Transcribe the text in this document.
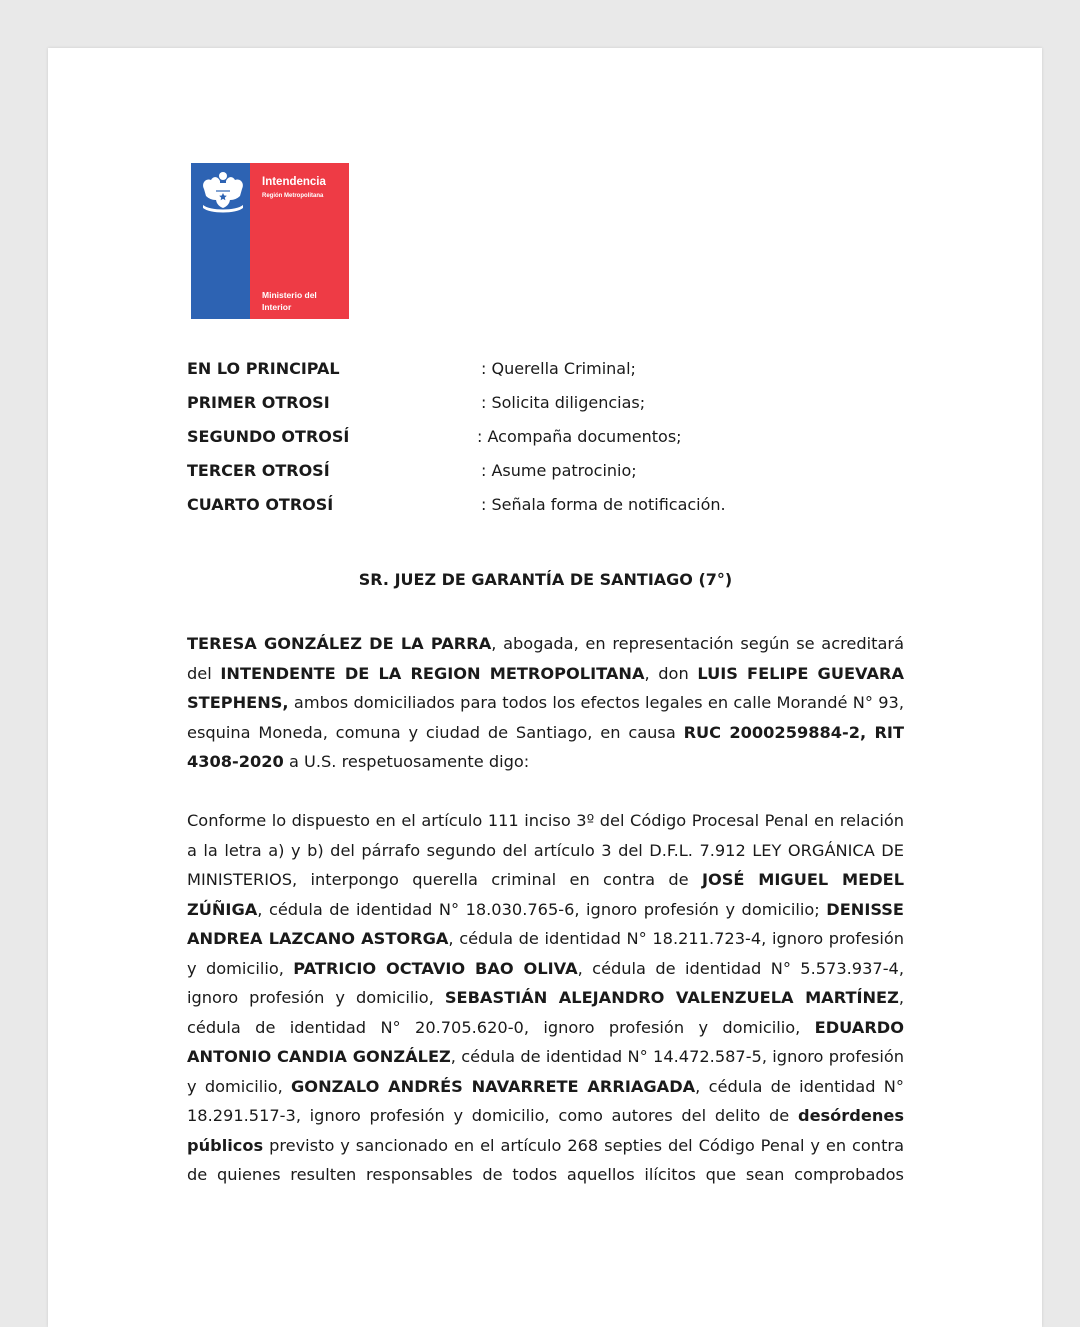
Intendencia
Región Metropolitana
Ministerio del
Interior
EN LO PRINCIPAL	: Querella Criminal;
PRIMER OTROSI	: Solicita diligencias;
SEGUNDO OTROSÍ	: Acompaña documentos;
TERCER OTROSÍ	: Asume patrocinio;
CUARTO OTROSÍ	: Señala forma de notificación.
SR. JUEZ DE GARANTÍA DE SANTIAGO (7°)
TERESA GONZÁLEZ DE LA PARRA, abogada, en representación según se acreditará
del INTENDENTE DE LA REGION METROPOLITANA, don LUIS FELIPE GUEVARA
STEPHENS, ambos domiciliados para todos los efectos legales en calle Morandé N° 93,
esquina Moneda, comuna y ciudad de Santiago, en causa RUC 2000259884-2, RIT
4308-2020 a U.S. respetuosamente digo:
Conforme lo dispuesto en el artículo 111 inciso 3º del Código Procesal Penal en relación
a la letra a) y b) del párrafo segundo del artículo 3 del D.F.L. 7.912 LEY ORGÁNICA DE
MINISTERIOS, interpongo querella criminal en contra de JOSÉ MIGUEL MEDEL
ZÚÑIGA, cédula de identidad N° 18.030.765-6, ignoro profesión y domicilio; DENISSE
ANDREA LAZCANO ASTORGA, cédula de identidad N° 18.211.723-4, ignoro profesión
y domicilio, PATRICIO OCTAVIO BAO OLIVA, cédula de identidad N° 5.573.937-4,
ignoro profesión y domicilio, SEBASTIÁN ALEJANDRO VALENZUELA MARTÍNEZ,
cédula de identidad N° 20.705.620-0, ignoro profesión y domicilio, EDUARDO
ANTONIO CANDIA GONZÁLEZ, cédula de identidad N° 14.472.587-5, ignoro profesión
y domicilio, GONZALO ANDRÉS NAVARRETE ARRIAGADA, cédula de identidad N°
18.291.517-3, ignoro profesión y domicilio, como autores del delito de desórdenes
públicos previsto y sancionado en el artículo 268 septies del Código Penal y en contra
de quienes resulten responsables de todos aquellos ilícitos que sean comprobados
